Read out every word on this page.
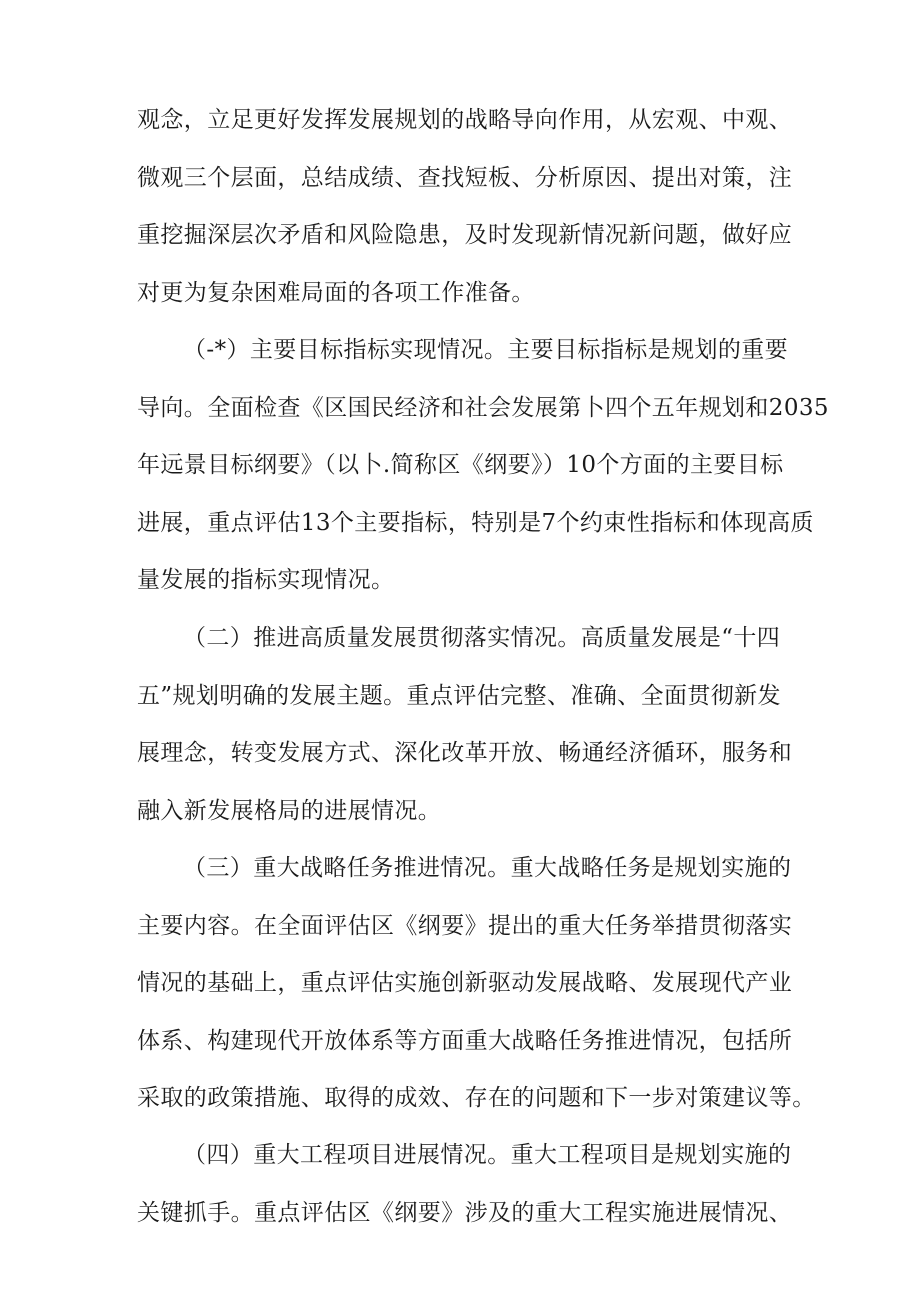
观念，立足更好发挥发展规划的战略导向作用，从宏观、中观、
微观三个层面，总结成绩、查找短板、分析原因、提出对策，注
重挖掘深层次矛盾和风险隐患，及时发现新情况新问题，做好应
对更为复杂困难局面的各项工作准备。

（-*）主要目标指标实现情况。主要目标指标是规划的重要
导向。全面检查《区国民经济和社会发展第卜四个五年规划和2035
年远景目标纲要》（以卜.简称区《纲要》）10个方面的主要目标
进展，重点评估13个主要指标，特别是7个约束性指标和体现高质
量发展的指标实现情况。

（二）推进高质量发展贯彻落实情况。高质量发展是“十四
五”规划明确的发展主题。重点评估完整、准确、全面贯彻新发
展理念，转变发展方式、深化改革开放、畅通经济循环，服务和
融入新发展格局的进展情况。

（三）重大战略任务推进情况。重大战略任务是规划实施的
主要内容。在全面评估区《纲要》提出的重大任务举措贯彻落实
情况的基础上，重点评估实施创新驱动发展战略、发展现代产业
体系、构建现代开放体系等方面重大战略任务推进情况，包括所
采取的政策措施、取得的成效、存在的问题和下一步对策建议等。

（四）重大工程项目进展情况。重大工程项目是规划实施的
关键抓手。重点评估区《纲要》涉及的重大工程实施进展情况、
